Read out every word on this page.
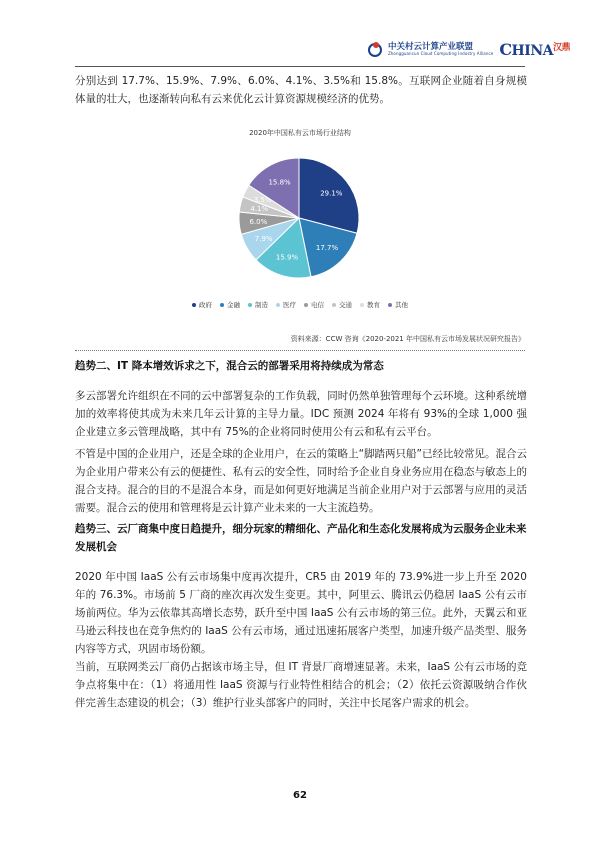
中关村云计算产业联盟
Zhongguancun Cloud Computing Industry Alliance $CHINA^{汉鼎}$
分别达到 17.7%、15.9%、7.9%、6.0%、4.1%、3.5%和 15.8%。互联网企业随着自身规模体量的壮大，也逐渐转向私有云来优化云计算资源规模经济的优势。
2020年中国私有云市场行业结构
29.1%
17.7%
15.9%
7.9%
6.0%
4.1%
3.5%
15.8%
政府 金融 制造 医疗 电信 交通 教育 其他
资料来源：CCW 咨询《2020-2021 年中国私有云市场发展状况研究报告》
趋势二、IT 降本增效诉求之下，混合云的部署采用将持续成为常态
多云部署允许组织在不同的云中部署复杂的工作负载，同时仍然单独管理每个云环境。这种系统增加的效率将使其成为未来几年云计算的主导力量。IDC 预测 2024 年将有 93%的全球 1,000 强企业建立多云管理战略，其中有 75%的企业将同时使用公有云和私有云平台。
不管是中国的企业用户，还是全球的企业用户，在云的策略上“脚踏两只船”已经比较常见。混合云为企业用户带来公有云的便捷性、私有云的安全性，同时给予企业自身业务应用在稳态与敏态上的混合支持。混合的目的不是混合本身，而是如何更好地满足当前企业用户对于云部署与应用的灵活需要。混合云的使用和管理将是云计算产业未来的一大主流趋势。
趋势三、云厂商集中度日趋提升，细分玩家的精细化、产品化和生态化发展将成为云服务企业未来发展机会
2020 年中国 IaaS 公有云市场集中度再次提升，CR5 由 2019 年的 73.9%进一步上升至 2020 年的 76.3%。市场前 5 厂商的座次再次发生变更。其中，阿里云、腾讯云仍稳居 IaaS 公有云市场前两位。华为云依靠其高增长态势，跃升至中国 IaaS 公有云市场的第三位。此外，天翼云和亚马逊云科技也在竞争焦灼的 IaaS 公有云市场，通过迅速拓展客户类型，加速升级产品类型、服务内容等方式，巩固市场份额。
当前，互联网类云厂商仍占据该市场主导，但 IT 背景厂商增速显著。未来，IaaS 公有云市场的竞争点将集中在：（1）将通用性 IaaS 资源与行业特性相结合的机会；（2）依托云资源吸纳合作伙伴完善生态建设的机会；（3）维护行业头部客户的同时，关注中长尾客户需求的机会。
62
